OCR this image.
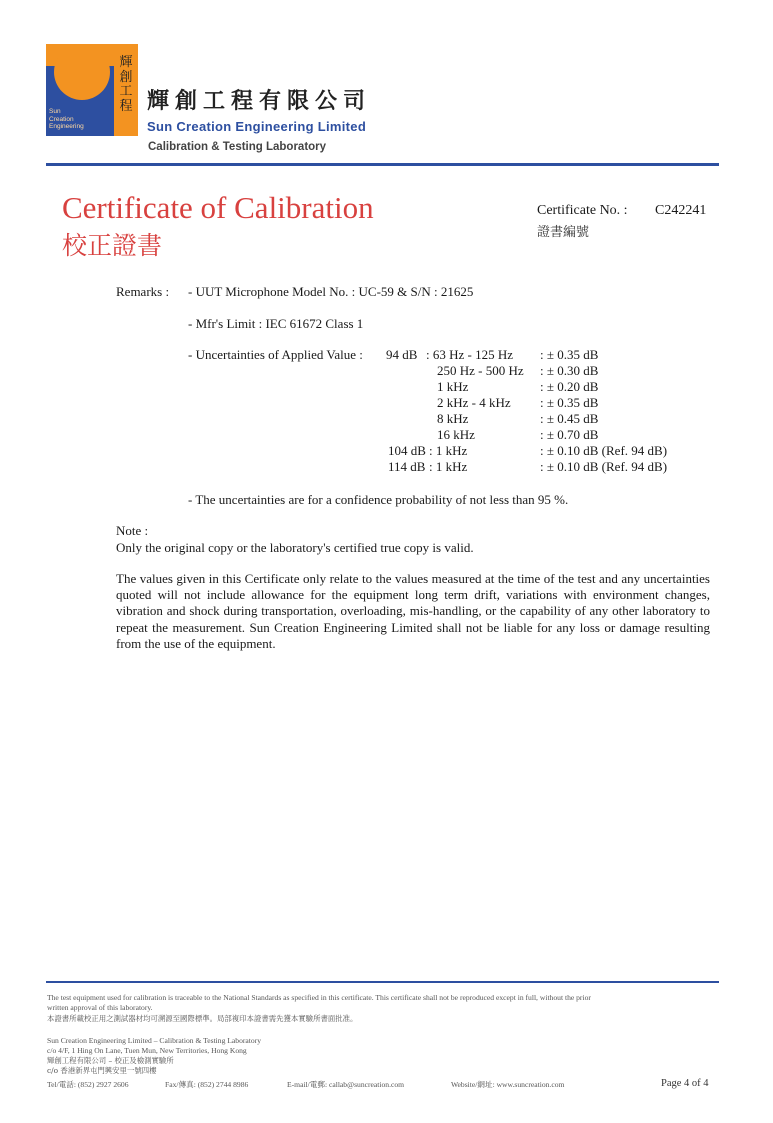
輝
創
工
程
Sun
Creation
Engineering
輝創工程有限公司
Sun Creation Engineering Limited
Calibration & Testing Laboratory
Certificate of Calibration
校正證書
Certificate No. : C242241
證書編號
Remarks : - UUT Microphone Model No. : UC-59 & S/N : 21625
- Mfr's Limit : IEC 61672 Class 1
- Uncertainties of Applied Value : 94 dB : 63 Hz - 125 Hz : ± 0.35 dB
250 Hz - 500 Hz : ± 0.30 dB
1 kHz	: ± 0.20 dB
2 kHz - 4 kHz : ± 0.35 dB
8 kHz	: ± 0.45 dB
16 kHz	: ± 0.70 dB
104 dB : 1 kHz	: ± 0.10 dB (Ref. 94 dB)
114 dB : 1 kHz	: ± 0.10 dB (Ref. 94 dB)
- The uncertainties are for a confidence probability of not less than 95 %.
Note :
Only the original copy or the laboratory's certified true copy is valid.
The values given in this Certificate only relate to the values measured at the time of the test and any uncertainties quoted will not include allowance for the equipment long term drift, variations with environment changes, vibration and shock during transportation, overloading, mis-handling, or the capability of any other laboratory to repeat the measurement. Sun Creation Engineering Limited shall not be liable for any loss or damage resulting from the use of the equipment.
The test equipment used for calibration is traceable to the National Standards as specified in this certificate. This certificate shall not be reproduced except in full, without the prior
written approval of this laboratory.
本證書所載校正用之測試器材均可溯源至國際標準。局部複印本證書需先獲本實驗所書面批准。
Sun Creation Engineering Limited – Calibration & Testing Laboratory
c/o 4/F, 1 Hing On Lane, Tuen Mun, New Territories, Hong Kong
輝創工程有限公司 – 校正及檢測實驗所
c/o 香港新界屯門興安里一號四樓
Tel/電話: (852) 2927 2606	Fax/傳真: (852) 2744 8986	E-mail/電郵: callab@suncreation.com	Website/網址: www.suncreation.com	Page 4 of 4
